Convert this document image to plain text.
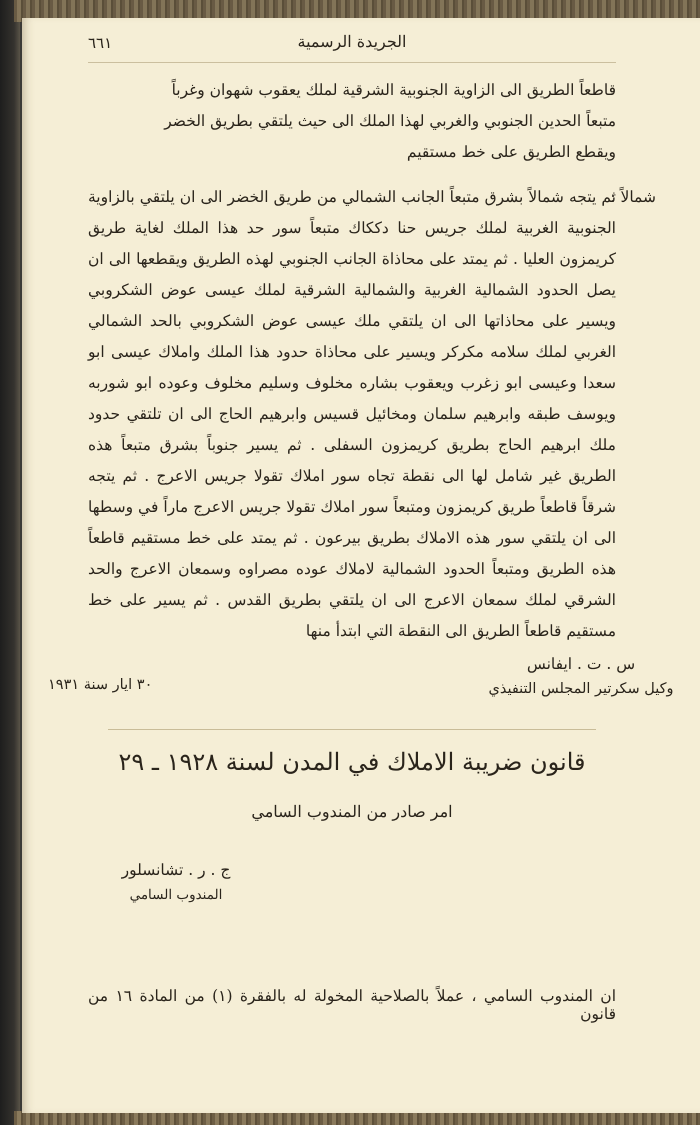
الجريدة الرسمية
٦٦١

قاطعاً الطريق الى الزاوية الجنوبية الشرقية لملك يعقوب شهوان وغرباً
متبعاً الحدين الجنوبي والغربي لهذا الملك الى حيث يلتقي بطريق الخضر
ويقطع الطريق على خط مستقيم

شمالاً :

ثم يتجه شمالاً بشرق متبعاً الجانب الشمالي من طريق الخضر الى ان يلتقي بالزاوية الجنوبية الغربية لملك جريس حنا دككاك متبعاً سور حد هذا الملك لغاية طريق كريمزون العليا . ثم يمتد على محاذاة الجانب الجنوبي لهذه الطريق ويقطعها الى ان يصل الحدود الشمالية الغربية والشمالية الشرقية لملك عيسى عوض الشكروبي ويسير على محاذاتها الى ان يلتقي ملك عيسى عوض الشكروبي بالحد الشمالي الغربي لملك سلامه مكركر ويسير على محاذاة حدود هذا الملك واملاك عيسى ابو سعدا وعيسى ابو زغرب ويعقوب بشاره مخلوف وسليم مخلوف وعوده ابو شوربه ويوسف طبقه وابرهيم سلمان ومخائيل قسيس وابرهيم الحاج الى ان تلتقي حدود ملك ابرهيم الحاج بطريق كريمزون السفلى . ثم يسير جنوباً بشرق متبعاً هذه الطريق غير شامل لها الى نقطة تجاه سور املاك تقولا جريس الاعرج . ثم يتجه شرقاً قاطعاً طريق كريمزون ومتبعاً سور املاك تقولا جريس الاعرج ماراً في وسطها الى ان يلتقي سور هذه الاملاك بطريق بيرعون . ثم يمتد على خط مستقيم قاطعاً هذه الطريق ومتبعاً الحدود الشمالية لاملاك عوده مصراوه وسمعان الاعرج والحد الشرقي لملك سمعان الاعرج الى ان يلتقي بطريق القدس . ثم يسير على خط مستقيم قاطعاً الطريق الى النقطة التي ابتدأ منها

س . ت . ايفانس
وكيل سكرتير المجلس التنفيذي
٣٠ ايار سنة ١٩٣١
قانون ضريبة الاملاك في المدن لسنة ١٩٢٨ ـ ٢٩
امر صادر من المندوب السامي
ج . ر . تشانسلور
المندوب السامي
ان المندوب السامي ، عملاً بالصلاحية المخولة له بالفقرة (١) من المادة ١٦ من قانون
